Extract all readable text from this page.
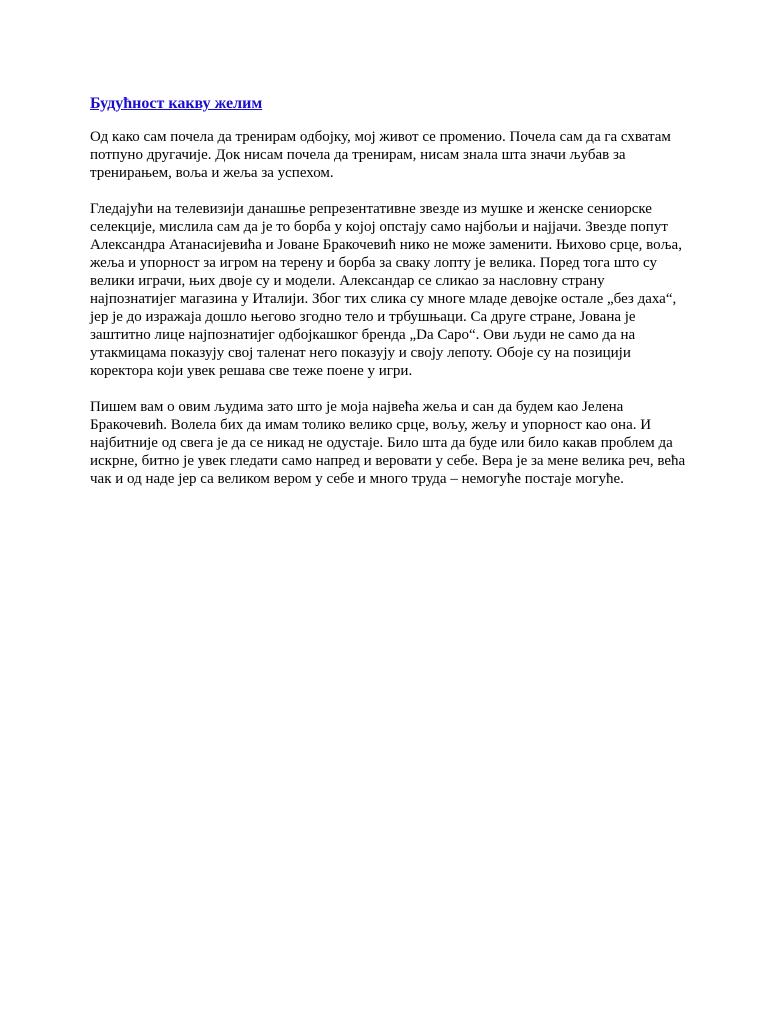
Будућност какву желим

Од како сам почела да тренирам одбојку, мој живот се променио. Почела сам да га схватам потпуно другачије. Док нисам почела да тренирам, нисам знала шта значи љубав за тренирањем, воља и жеља за успехом.

Гледајући на телевизији данашње репрезентативне звезде из мушке и женске сениорске селекције, мислила сам да је то борба у којој опстају само најбољи и најјачи. Звезде попут Александра Атанасијевића и Јоване Бракочевић нико не може заменити. Њихово срце, воља, жеља и упорност за игром на терену и борба за сваку лопту је велика. Поред тога што су велики играчи, њих двоје су и модели. Александар се сликао за насловну страну најпознатијег магазина у Италији. Због тих слика су многе младе девојке остале „без даха“, јер је до изражаја дошло његово згодно тело и трбушњаци. Са друге стране, Јована је заштитно лице најпознатијег одбојкашког бренда „Da Capo“. Ови људи не само да на утакмицама показују свој таленат него показују и своју лепоту. Обоје су на позицији коректора који увек решава све теже поене у игри.

Пишем вам о овим људима зато што је моја највећа жеља и сан да будем као Јелена Бракочевић. Волела бих да имам толико велико срце, вољу, жељу и упорност као она. И најбитније од свега је да се никад не одустаје. Било шта да буде или било какав проблем да искрне, битно је увек гледати само напред и веровати у себе. Вера је за мене велика реч, већа чак и од наде јер са великом вером у себе и много труда – немогуће постаје могуће.
